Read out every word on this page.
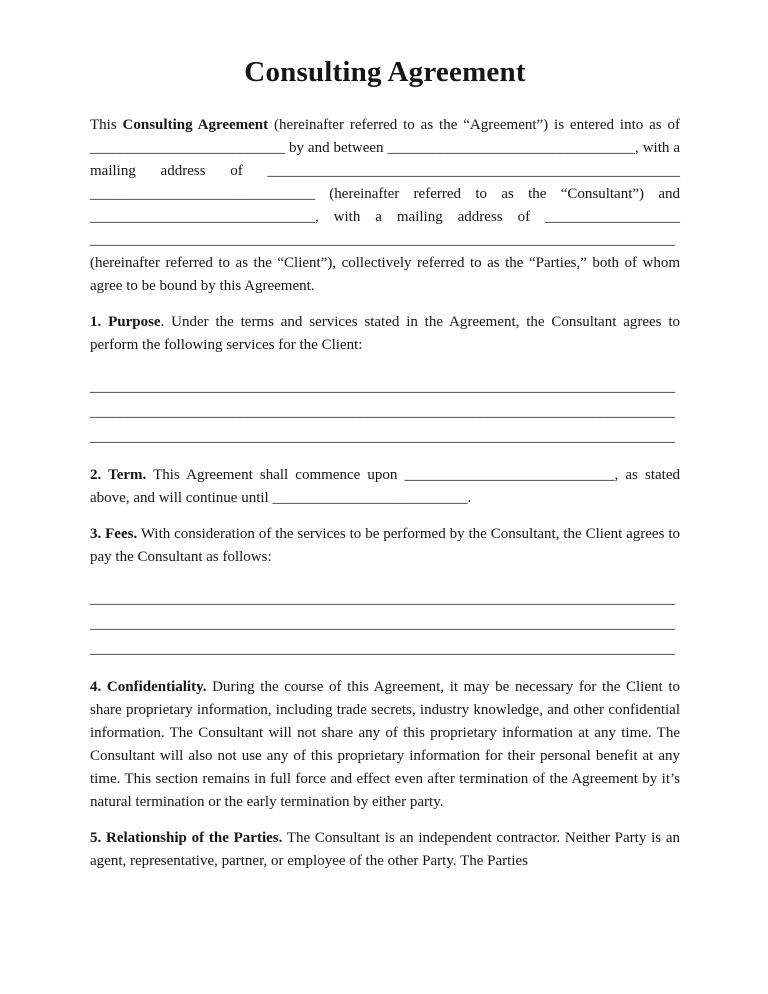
Consulting Agreement

This Consulting Agreement (hereinafter referred to as the “Agreement”) is entered into as of __________________________ by and between _________________________________, with a mailing address of _______________________________________________________ ______________________________ (hereinafter referred to as the “Consultant”) and ______________________________, with a mailing address of __________________ ______________________________________________________________________________ (hereinafter referred to as the “Client”), collectively referred to as the “Parties,” both of whom agree to be bound by this Agreement.

1. Purpose. Under the terms and services stated in the Agreement, the Consultant agrees to perform the following services for the Client:

______________________________________________________________________________
______________________________________________________________________________
______________________________________________________________________________

2. Term. This Agreement shall commence upon ____________________________, as stated above, and will continue until __________________________.

3. Fees. With consideration of the services to be performed by the Consultant, the Client agrees to pay the Consultant as follows:

______________________________________________________________________________
______________________________________________________________________________
______________________________________________________________________________

4. Confidentiality. During the course of this Agreement, it may be necessary for the Client to share proprietary information, including trade secrets, industry knowledge, and other confidential information. The Consultant will not share any of this proprietary information at any time. The Consultant will also not use any of this proprietary information for their personal benefit at any time. This section remains in full force and effect even after termination of the Agreement by it’s natural termination or the early termination by either party.

5. Relationship of the Parties. The Consultant is an independent contractor. Neither Party is an agent, representative, partner, or employee of the other Party. The Parties
